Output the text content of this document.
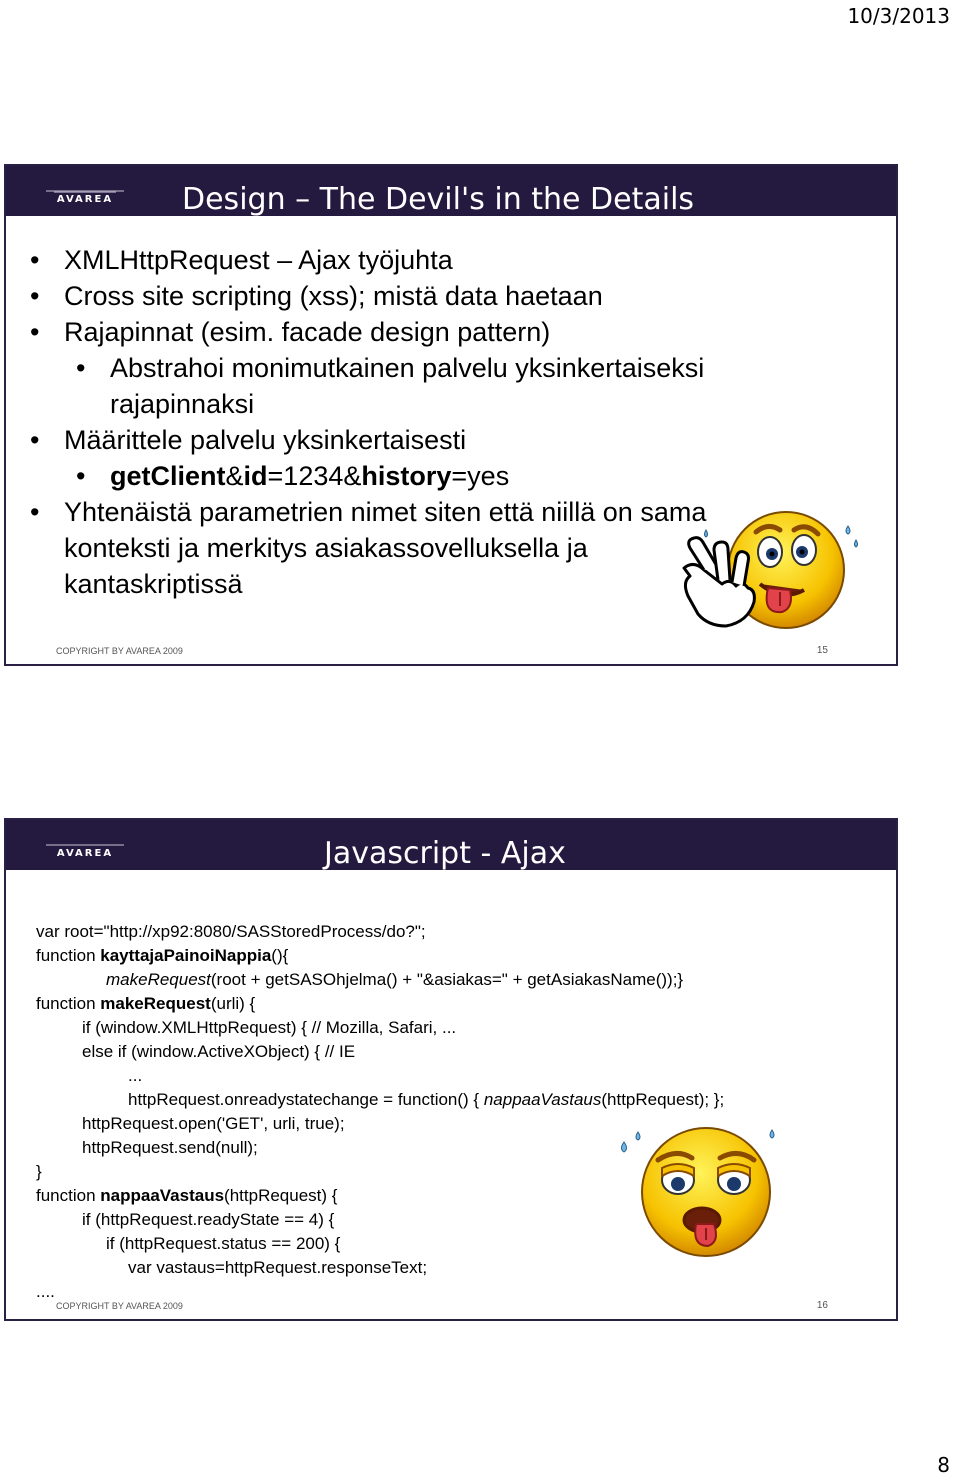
10/3/2013
AVAREA	Design – The Devil's in the Details
• XMLHttpRequest – Ajax työjuhta
• Cross site scripting (xss); mistä data haetaan
• Rajapinnat (esim. facade design pattern)
• Abstrahoi monimutkainen palvelu yksinkertaiseksi
rajapinnaksi
• Määrittele palvelu yksinkertaisesti
• getClient&id=1234&history=yes
• Yhtenäistä parametrien nimet siten että niillä on sama
konteksti ja merkitys asiakassovelluksella ja
kantaskriptissä
COPYRIGHT BY AVAREA 2009	15
AVAREA	Javascript - Ajax

var root="http://xp92:8080/SASStoredProcess/do?";
function kayttajaPainoiNappia(){
makeRequest(root + getSASOhjelma() + "&asiakas=" + getAsiakasName());}
function makeRequest(urli) {
if (window.XMLHttpRequest) { // Mozilla, Safari, ...
else if (window.ActiveXObject) { // IE
...
httpRequest.onreadystatechange = function() { nappaaVastaus(httpRequest); };
httpRequest.open('GET', urli, true);
httpRequest.send(null);
}
function nappaaVastaus(httpRequest) {
if (httpRequest.readyState == 4) {
if (httpRequest.status == 200) {
var vastaus=httpRequest.responseText;
....

COPYRIGHT BY AVAREA 2009	16
8
